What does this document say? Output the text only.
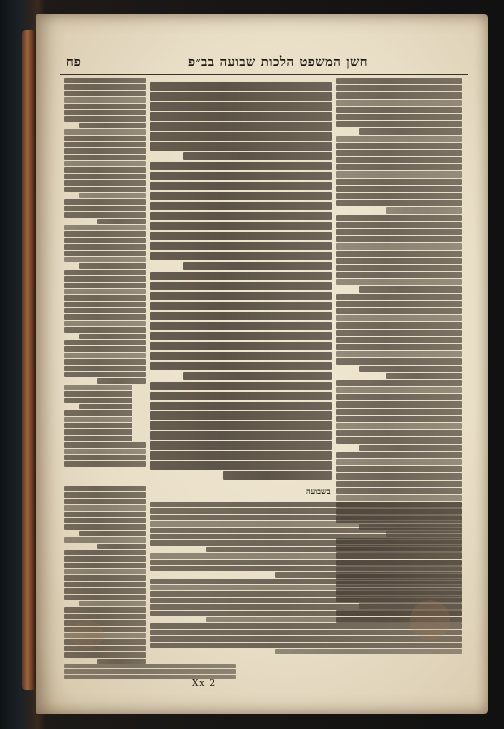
חשן המשפט הלכות שבועה בב״פ
פח
בשבועה
Xx 2
